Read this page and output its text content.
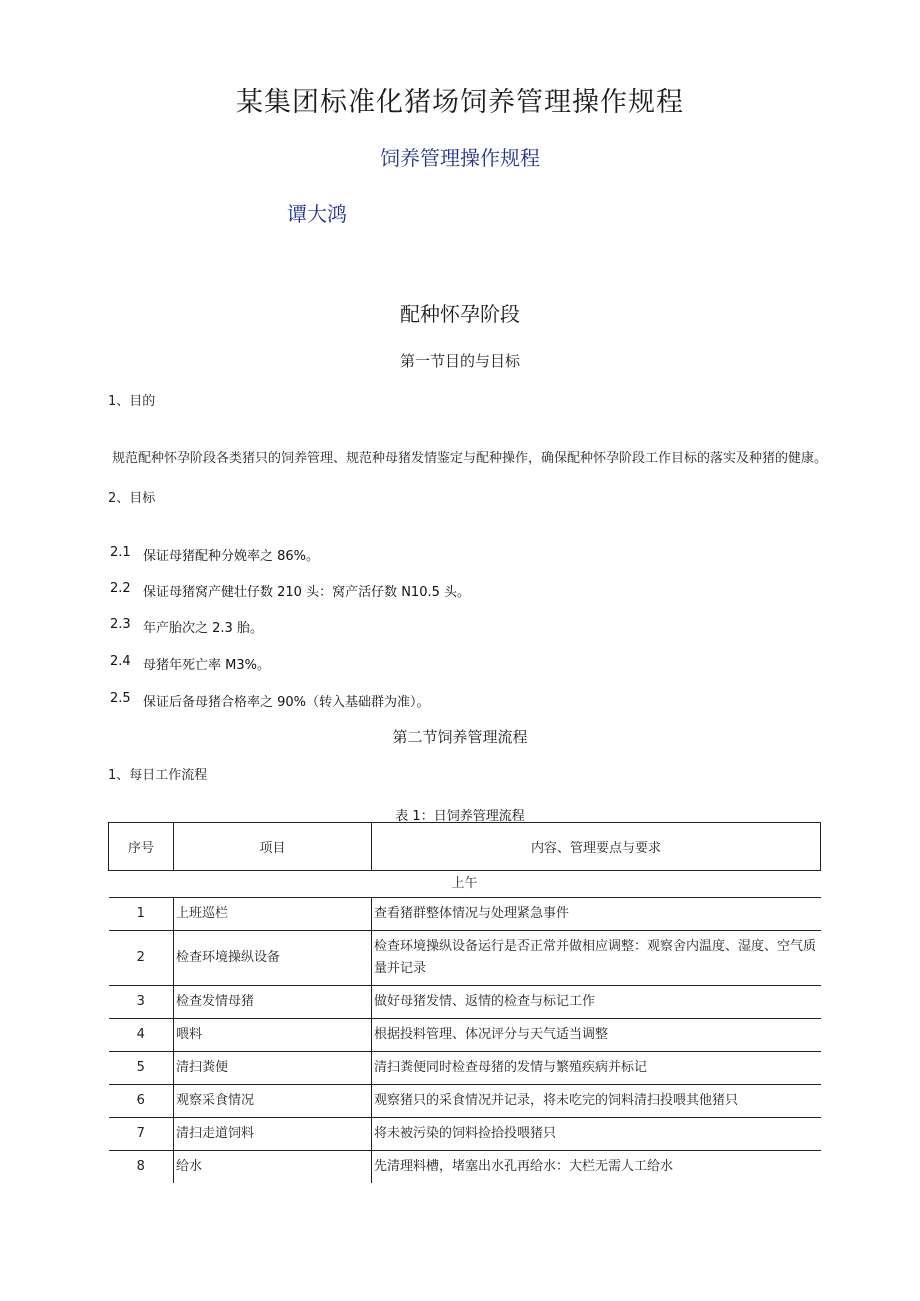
某集团标准化猪场饲养管理操作规程
饲养管理操作规程
谭大鸿
配种怀孕阶段
第一节目的与目标
1、目的
规范配种怀孕阶段各类猪只的饲养管理、规范种母猪发情鉴定与配种操作，确保配种怀孕阶段工作目标的落实及种猪的健康。
2、目标
2.1 保证母猪配种分娩率之 86%。
2.2 保证母猪窝产健壮仔数 210 头：窝产活仔数 N10.5 头。
2.3 年产胎次之 2.3 胎。
2.4 母猪年死亡率 M3%。
2.5 保证后备母猪合格率之 90%（转入基础群为准）。
第二节饲养管理流程
1、每日工作流程
表 1：日饲养管理流程
序号	项目	内容、管理要点与要求
上午		
1	上班巡栏	查看猪群整体情况与处理紧急事件
2	检查环境操纵设备	检查环境操纵设备运行是否正常并做相应调整：观察舍内温度、湿度、空气质量并记录
3	检查发情母猪	做好母猪发情、返情的检查与标记工作
4	喂料	根据投料管理、体况评分与天气适当调整
5	清扫粪便	清扫粪便同时检查母猪的发情与繁殖疾病并标记
6	观察采食情况	观察猪只的采食情况并记录，将未吃完的饲料清扫投喂其他猪只
7	清扫走道饲料	将未被污染的饲料捡拾投喂猪只
8	给水	先清理料槽，堵塞出水孔再给水：大栏无需人工给水
